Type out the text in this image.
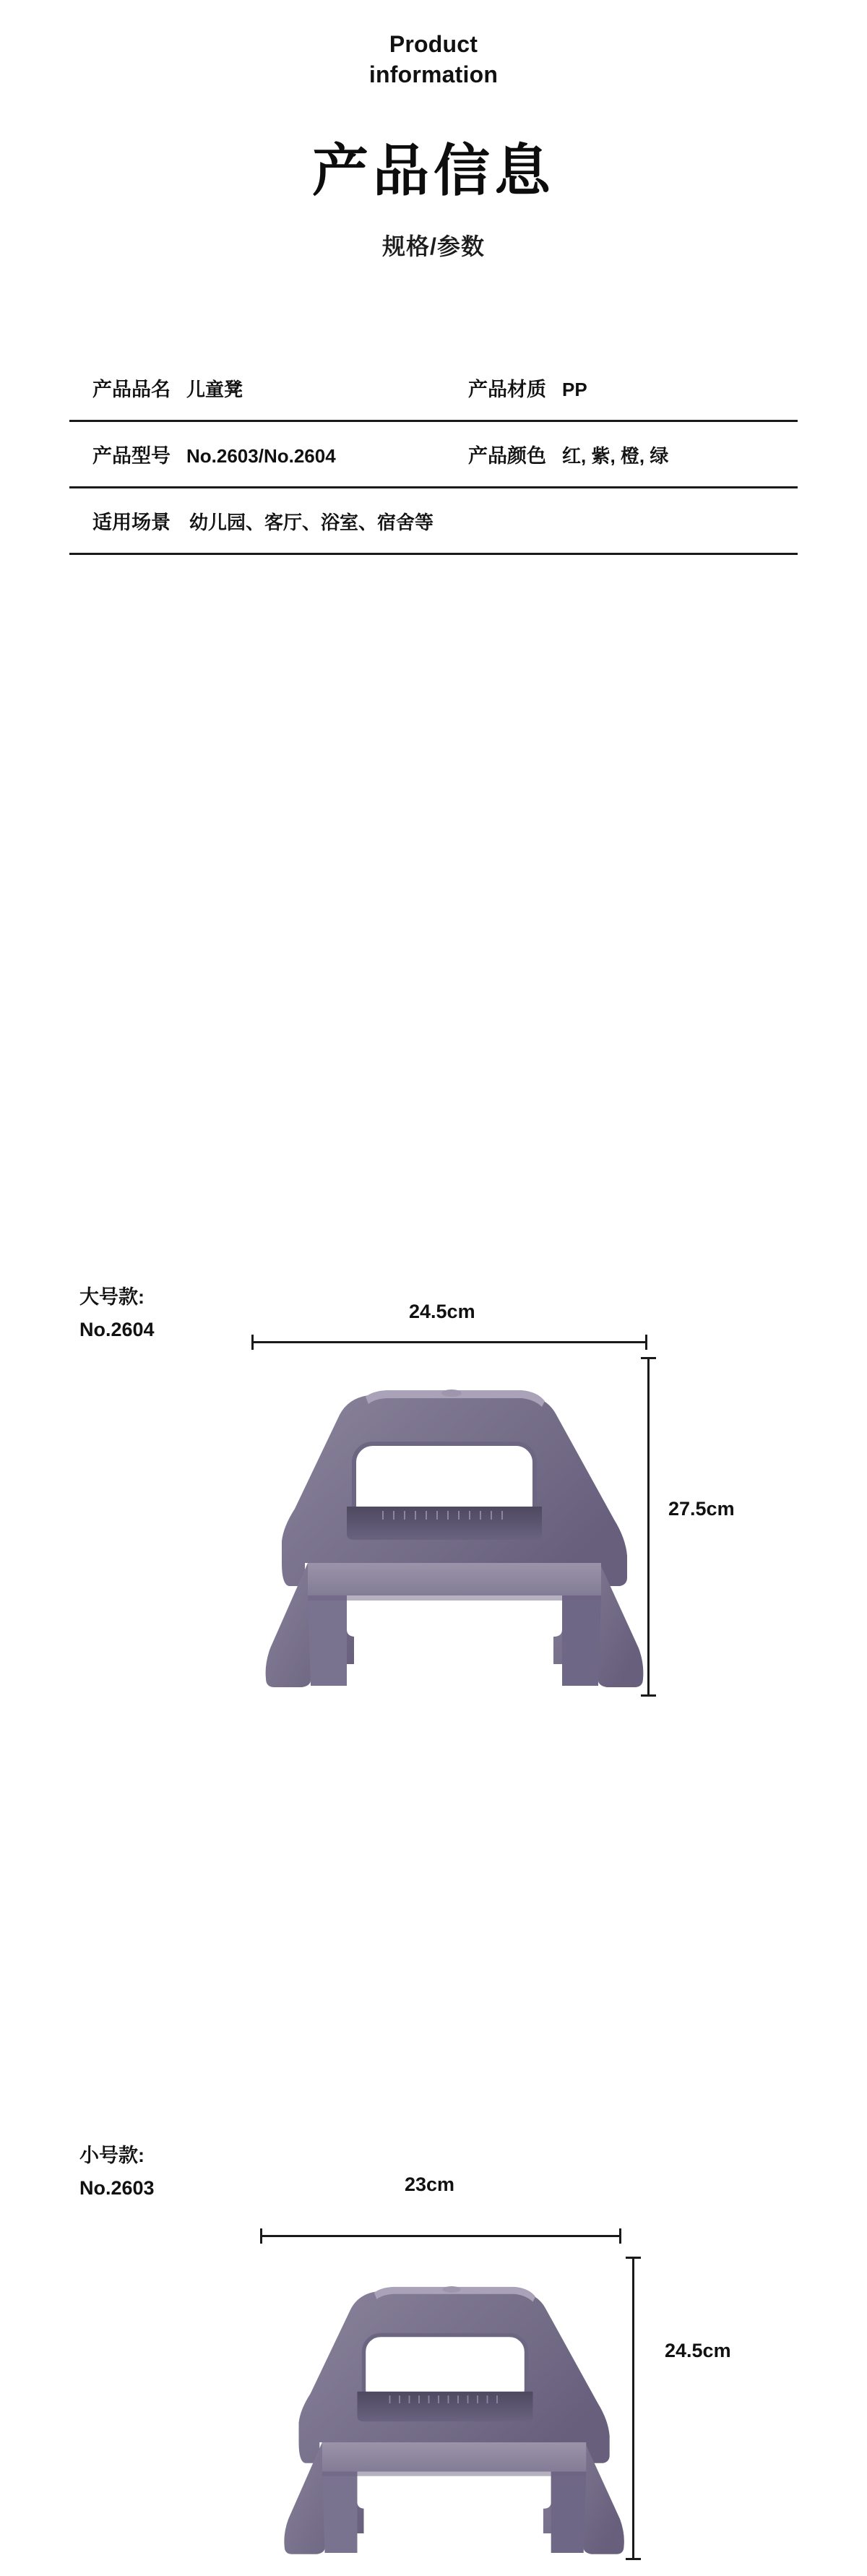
Product
information
产品信息
规格/参数
产品品名 儿童凳	产品材质 PP
产品型号 No.2603/No.2604	产品颜色 红, 紫, 橙, 绿
适用场景 幼儿园、客厅、浴室、宿舍等
大号款:
No.2604
24.5cm
27.5cm
小号款:
No.2603	23cm
24.5cm
